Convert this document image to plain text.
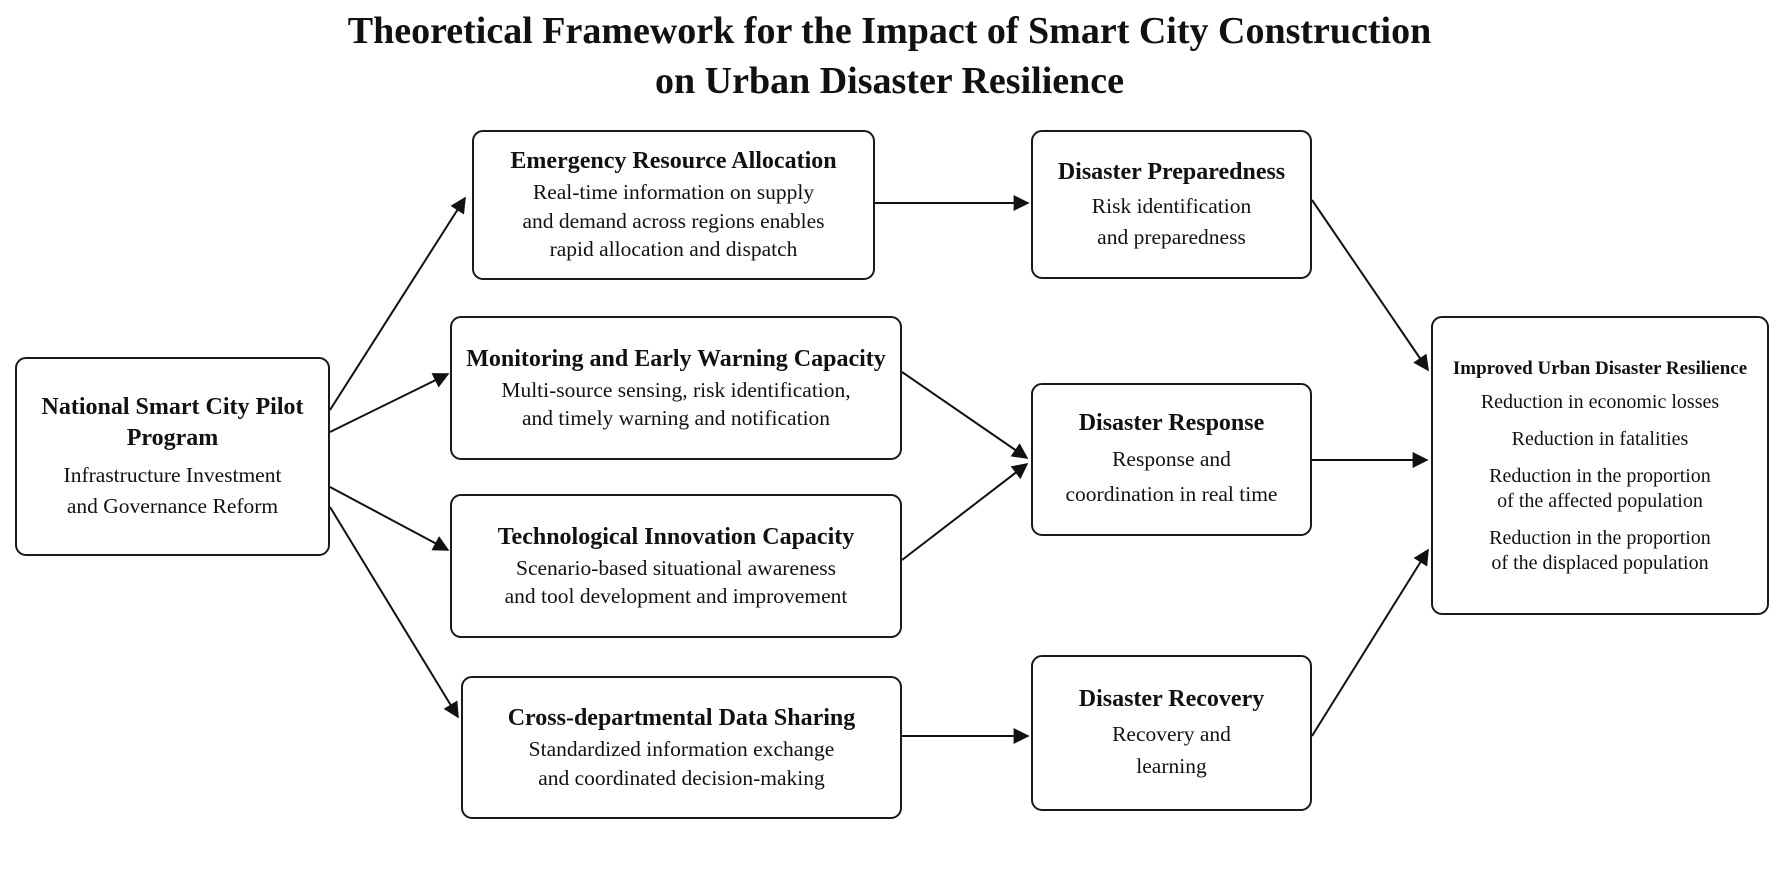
Theoretical Framework for the Impact of Smart City Construction
on Urban Disaster Resilience
National Smart City Pilot Program
Infrastructure Investment
and Governance Reform
Emergency Resource Allocation
Real-time information on supply
and demand across regions enables
rapid allocation and dispatch
Monitoring and Early Warning Capacity
Multi-source sensing, risk identification,
and timely warning and notification
Technological Innovation Capacity
Scenario-based situational awareness
and tool development and improvement
Cross-departmental Data Sharing
Standardized information exchange
and coordinated decision-making
Disaster Preparedness
Risk identification
and preparedness
Disaster Response
Response and
coordination in real time
Disaster Recovery
Recovery and
learning
Improved Urban Disaster Resilience
Reduction in economic losses
Reduction in fatalities
Reduction in the proportion
of the affected population
Reduction in the proportion
of the displaced population
